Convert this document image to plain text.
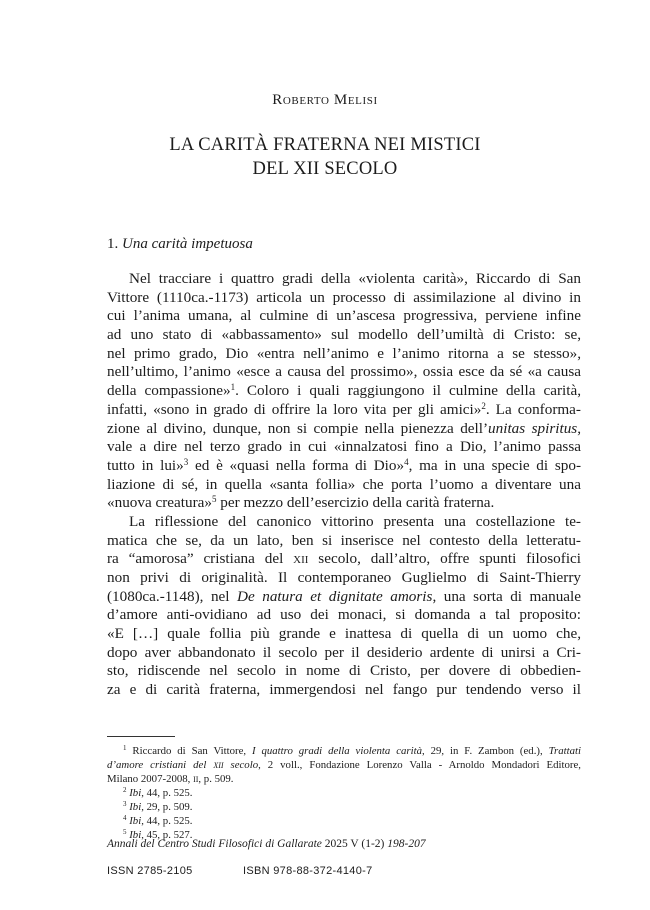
Roberto Melisi
LA CARITÀ FRATERNA NEI MISTICI
DEL XII SECOLO
1. Una carità impetuosa
Nel tracciare i quattro gradi della «violenta carità», Riccardo di San
Vittore (1110ca.-1173) articola un processo di assimilazione al divino in
cui l’anima umana, al culmine di un’ascesa progressiva, perviene infine
ad uno stato di «abbassamento» sul modello dell’umiltà di Cristo: se,
nel primo grado, Dio «entra nell’animo e l’animo ritorna a se stesso»,
nell’ultimo, l’animo «esce a causa del prossimo», ossia esce da sé «a causa
della compassione»$^1$. Coloro i quali raggiungono il culmine della carità,
infatti, «sono in grado di offrire la loro vita per gli amici»$^2$. La conforma-
zione al divino, dunque, non si compie nella pienezza dell’unitas spiritus,
vale a dire nel terzo grado in cui «innalzatosi fino a Dio, l’animo passa
tutto in lui»$^3$ ed è «quasi nella forma di Dio»$^4$, ma in una specie di spo-
liazione di sé, in quella «santa follia» che porta l’uomo a diventare una
«nuova creatura»$^5$ per mezzo dell’esercizio della carità fraterna.
La riflessione del canonico vittorino presenta una costellazione te-
matica che se, da un lato, ben si inserisce nel contesto della letteratu-
ra “amorosa” cristiana del xii secolo, dall’altro, offre spunti filosofici
non privi di originalità. Il contemporaneo Guglielmo di Saint-Thierry
(1080ca.-1148), nel De natura et dignitate amoris, una sorta di manuale
d’amore anti-ovidiano ad uso dei monaci, si domanda a tal proposito:
«E […] quale follia più grande e inattesa di quella di un uomo che,
dopo aver abbandonato il secolo per il desiderio ardente di unirsi a Cri-
sto, ridiscende nel secolo in nome di Cristo, per dovere di obbedien-
za e di carità fraterna, immergendosi nel fango pur tendendo verso il
$^1$ Riccardo di San Vittore, I quattro gradi della violenta carità, 29, in F. Zambon (ed.), Trattati
d’amore cristiani del xii secolo, 2 voll., Fondazione Lorenzo Valla - Arnoldo Mondadori Editore,
Milano 2007-2008, ii, p. 509.
$^2$ Ibi, 44, p. 525.
$^3$ Ibi, 29, p. 509.
$^4$ Ibi, 44, p. 525.
$^5$ Ibi, 45, p. 527.
Annali del Centro Studi Filosofici di Gallarate 2025 V (1-2) 198-207
ISSN 2785-2105	ISBN 978-88-372-4140-7
